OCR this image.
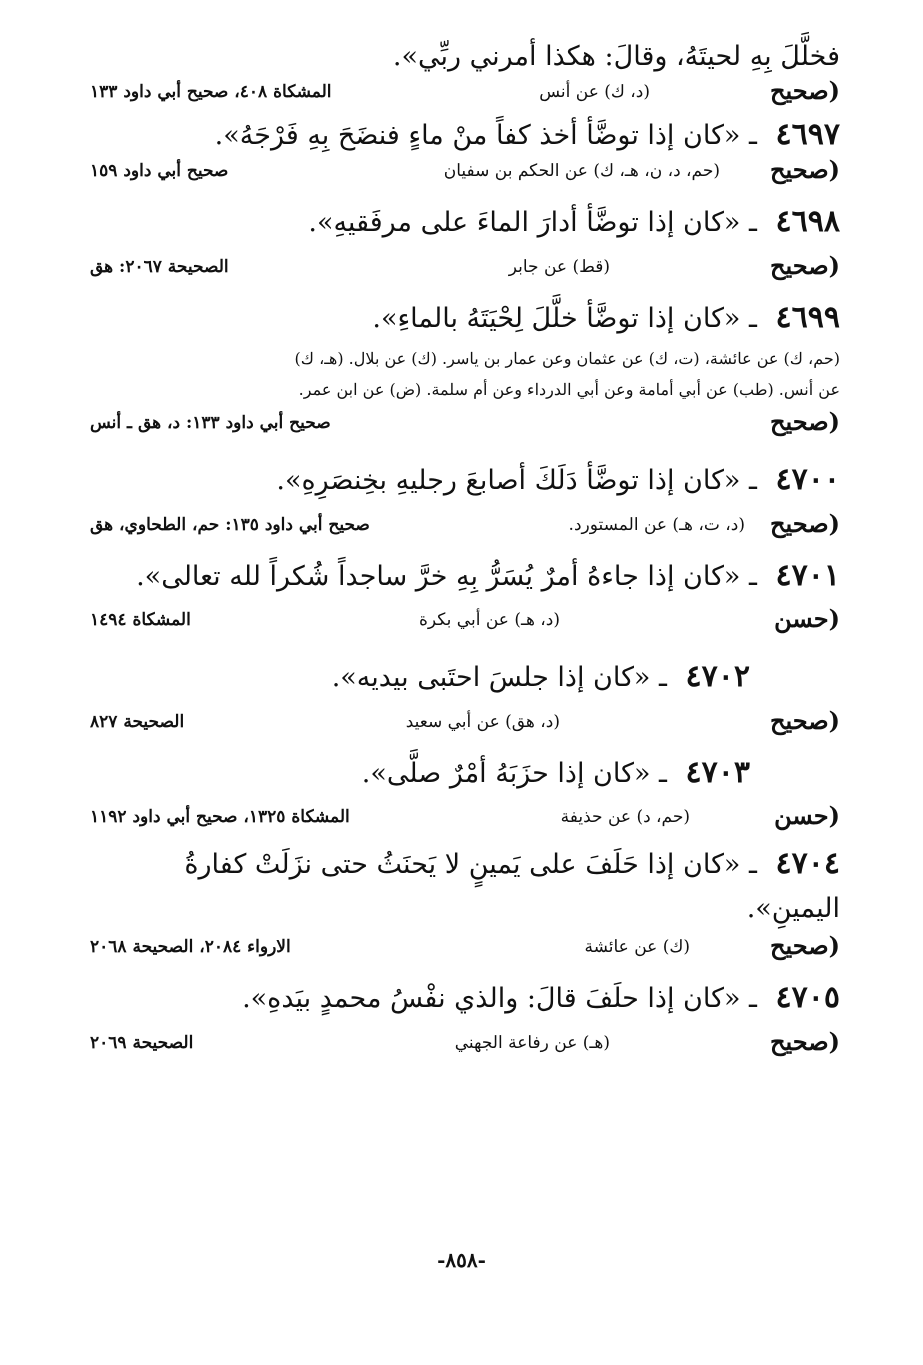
فخلَّلَ بِهِ لحيتَهُ، وقالَ: هكذا أمرني ربِّي».

(صحيح
(د، ك) عن أنس
المشكاة ٤٠٨، صحيح أبي داود ١٣٣

٤٦٩٧ ـ «كان إذا توضَّأ أخذ كفاً منْ ماءٍ فنضَحَ بِهِ فَرْجَهُ».

(صحيح
(حم، د، ن، هـ، ك) عن الحكم بن سفيان
صحيح أبي داود ١٥٩

٤٦٩٨ ـ «كان إذا توضَّأ أدارَ الماءَ على مرفَقيهِ».

(صحيح
(قط) عن جابر
الصحيحة ٢٠٦٧: هق

٤٦٩٩ ـ «كان إذا توضَّأ خلَّلَ لِحْيَتَهُ بالماءِ».

(حم، ك) عن عائشة، (ت، ك) عن عثمان وعن عمار بن ياسر. (ك) عن بلال. (هـ، ك)
عن أنس. (طب) عن أبي أمامة وعن أبي الدرداء وعن أم سلمة. (ض) عن ابن عمر.
(صحيح
صحيح أبي داود ١٣٣: د، هق ـ أنس

٤٧٠٠ ـ «كان إذا توضَّأ دَلَكَ أصابعَ رجليهِ بخِنصَرِهِ».

(صحيح
(د، ت، هـ) عن المستورد.
صحيح أبي داود ١٣٥: حم، الطحاوي، هق

٤٧٠١ ـ «كان إذا جاءهُ أمرٌ يُسَرُّ بِهِ خرَّ ساجداً شُكراً لله تعالى».

(حسن
(د، هـ) عن أبي بكرة
المشكاة ١٤٩٤

٤٧٠٢ ـ «كان إذا جلسَ احتَبى بيديه».

(صحيح
(د، هق) عن أبي سعيد
الصحيحة ٨٢٧

٤٧٠٣ ـ «كان إذا حزَبَهُ أمْرٌ صلَّى».

(حسن
(حم، د) عن حذيفة
المشكاة ١٣٢٥، صحيح أبي داود ١١٩٢

٤٧٠٤ ـ «كان إذا حَلَفَ على يَمينٍ لا يَحنَثُ حتى نزَلَتْ كفارةُ اليمينِ».

(صحيح
(ك) عن عائشة
الارواء ٢٠٨٤، الصحيحة ٢٠٦٨

٤٧٠٥ ـ «كان إذا حلَفَ قالَ: والذي نفْسُ محمدٍ بيَدهِ».

(صحيح
(هـ) عن رفاعة الجهني
الصحيحة ٢٠٦٩
-٨٥٨-
